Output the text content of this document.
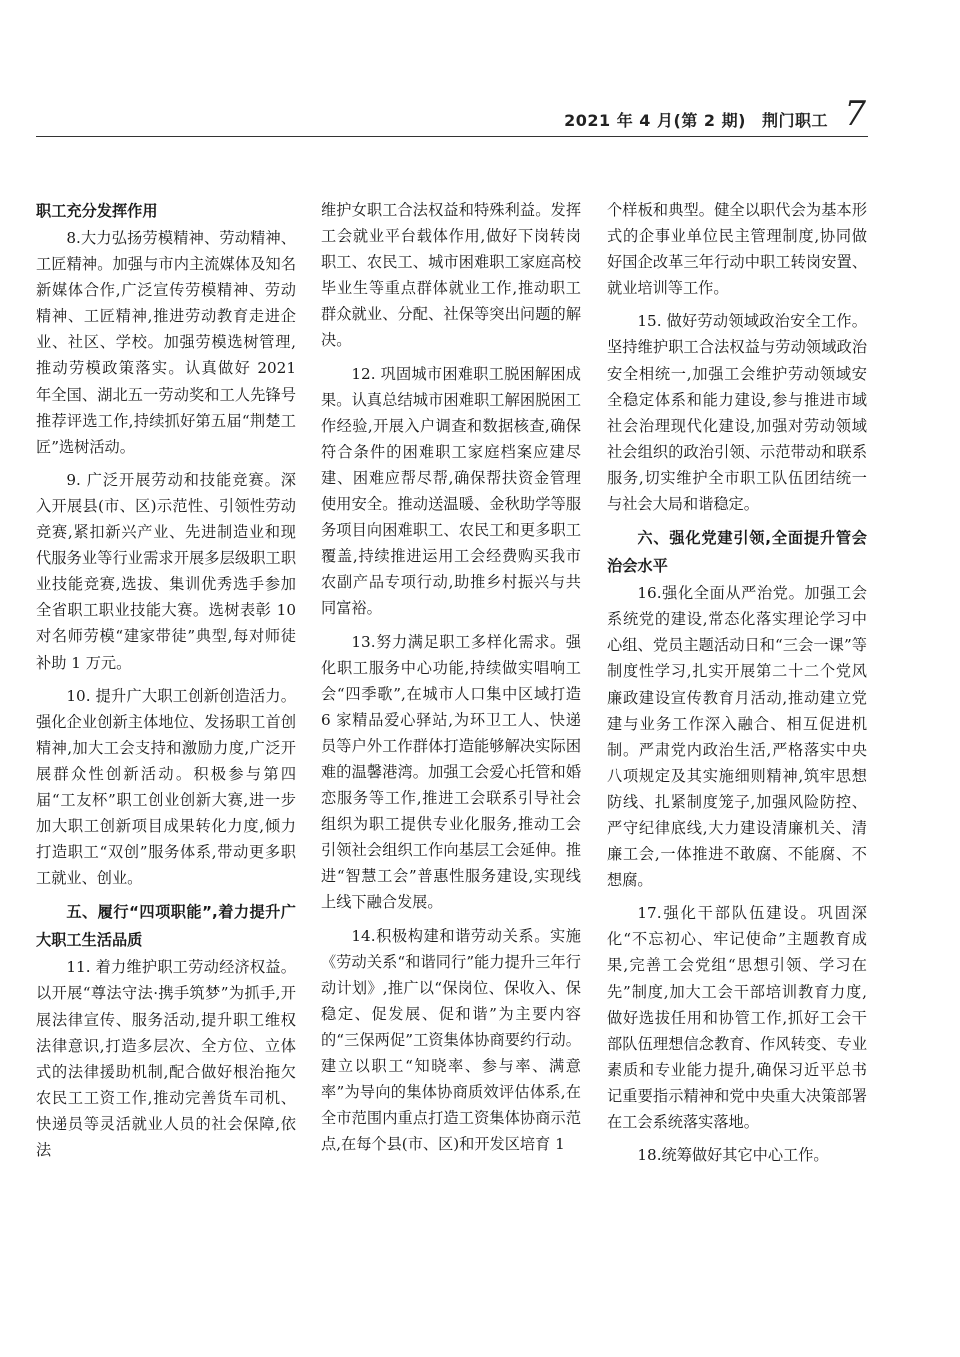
2021 年 4 月(第 2 期) 荆门职工 7
职工充分发挥作用

8.大力弘扬劳模精神、劳动精神、工匠精神。加强与市内主流媒体及知名新媒体合作,广泛宣传劳模精神、劳动精神、工匠精神,推进劳动教育走进企业、社区、学校。加强劳模选树管理,推动劳模政策落实。认真做好 2021 年全国、湖北五一劳动奖和工人先锋号推荐评选工作,持续抓好第五届“荆楚工匠”选树活动。

9. 广泛开展劳动和技能竞赛。深入开展县(市、区)示范性、引领性劳动竞赛,紧扣新兴产业、先进制造业和现代服务业等行业需求开展多层级职工职业技能竞赛,选拔、集训优秀选手参加全省职工职业技能大赛。选树表彰 10 对名师劳模“建家带徒”典型,每对师徒补助 1 万元。

10. 提升广大职工创新创造活力。强化企业创新主体地位、发扬职工首创精神,加大工会支持和激励力度,广泛开展群众性创新活动。积极参与第四届“工友杯”职工创业创新大赛,进一步加大职工创新项目成果转化力度,倾力打造职工“双创”服务体系,带动更多职工就业、创业。

五、履行“四项职能”,着力提升广大职工生活品质

11. 着力维护职工劳动经济权益。以开展“尊法守法·携手筑梦”为抓手,开展法律宣传、服务活动,提升职工维权法律意识,打造多层次、全方位、立体式的法律援助机制,配合做好根治拖欠农民工工资工作,推动完善货车司机、快递员等灵活就业人员的社会保障,依法

维护女职工合法权益和特殊利益。发挥工会就业平台载体作用,做好下岗转岗职工、农民工、城市困难职工家庭高校毕业生等重点群体就业工作,推动职工群众就业、分配、社保等突出问题的解决。

12. 巩固城市困难职工脱困解困成果。认真总结城市困难职工解困脱困工作经验,开展入户调查和数据核查,确保符合条件的困难职工家庭档案应建尽建、困难应帮尽帮,确保帮扶资金管理使用安全。推动送温暖、金秋助学等服务项目向困难职工、农民工和更多职工覆盖,持续推进运用工会经费购买我市农副产品专项行动,助推乡村振兴与共同富裕。

13.努力满足职工多样化需求。强化职工服务中心功能,持续做实唱响工会“四季歌”,在城市人口集中区域打造 6 家精品爱心驿站,为环卫工人、快递员等户外工作群体打造能够解决实际困难的温馨港湾。加强工会爱心托管和婚恋服务等工作,推进工会联系引导社会组织为职工提供专业化服务,推动工会引领社会组织工作向基层工会延伸。推进“智慧工会”普惠性服务建设,实现线上线下融合发展。

14.积极构建和谐劳动关系。实施《劳动关系“和谐同行”能力提升三年行动计划》,推广以“保岗位、保收入、保稳定、促发展、促和谐”为主要内容的“三保两促”工资集体协商要约行动。建立以职工“知晓率、参与率、满意率”为导向的集体协商质效评估体系,在全市范围内重点打造工资集体协商示范点,在每个县(市、区)和开发区培育 1

个样板和典型。健全以职代会为基本形式的企事业单位民主管理制度,协同做好国企改革三年行动中职工转岗安置、就业培训等工作。

15. 做好劳动领域政治安全工作。坚持维护职工合法权益与劳动领域政治安全相统一,加强工会维护劳动领域安全稳定体系和能力建设,参与推进市域社会治理现代化建设,加强对劳动领域社会组织的政治引领、示范带动和联系服务,切实维护全市职工队伍团结统一与社会大局和谐稳定。

六、强化党建引领,全面提升管会治会水平

16.强化全面从严治党。加强工会系统党的建设,常态化落实理论学习中心组、党员主题活动日和“三会一课”等制度性学习,扎实开展第二十二个党风廉政建设宣传教育月活动,推动建立党建与业务工作深入融合、相互促进机制。严肃党内政治生活,严格落实中央八项规定及其实施细则精神,筑牢思想防线、扎紧制度笼子,加强风险防控、严守纪律底线,大力建设清廉机关、清廉工会,一体推进不敢腐、不能腐、不想腐。

17.强化干部队伍建设。巩固深化“不忘初心、牢记使命”主题教育成果,完善工会党组“思想引领、学习在先”制度,加大工会干部培训教育力度,做好选拔任用和协管工作,抓好工会干部队伍理想信念教育、作风转变、专业素质和专业能力提升,确保习近平总书记重要指示精神和党中央重大决策部署在工会系统落实落地。

18.统筹做好其它中心工作。
